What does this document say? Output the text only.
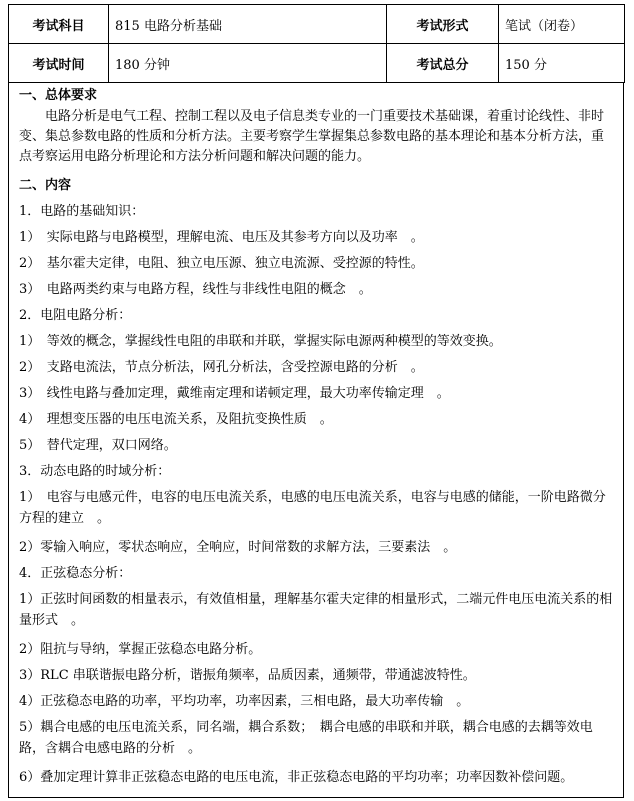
考试科目	815 电路分析基础	考试形式	笔试（闭卷）
考试时间	180 分钟	考试总分	150 分
一、总体要求
电路分析是电气工程、控制工程以及电子信息类专业的一门重要技术基础课，着重讨论线性、非时变、集总参数电路的性质和分析方法。主要考察学生掌握集总参数电路的基本理论和基本分析方法，重点考察运用电路分析理论和方法分析问题和解决问题的能力。
二、内容
1．电路的基础知识：
1）　实际电路与电路模型，理解电流、电压及其参考方向以及功率　。
2）　基尔霍夫定律，电阻、独立电压源、独立电流源、受控源的特性。
3）　电路两类约束与电路方程，线性与非线性电阻的概念　。
2．电阻电路分析：
1）　等效的概念，掌握线性电阻的串联和并联，掌握实际电源两种模型的等效变换。
2）　支路电流法，节点分析法，网孔分析法，含受控源电路的分析　。
3）　线性电路与叠加定理，戴维南定理和诺顿定理，最大功率传输定理　。
4）　理想变压器的电压电流关系，及阻抗变换性质　。
5）　替代定理，双口网络。
3．动态电路的时域分析：
1）　电容与电感元件，电容的电压电流关系，电感的电压电流关系，电容与电感的储能，一阶电路微分方程的建立　。
2）零输入响应，零状态响应，全响应，时间常数的求解方法，三要素法　。
4．正弦稳态分析：
1）正弦时间函数的相量表示，有效值相量，理解基尔霍夫定律的相量形式，二端元件电压电流关系的相量形式　。
2）阻抗与导纳，掌握正弦稳态电路分析。
3）RLC 串联谐振电路分析，谐振角频率，品质因素，通频带，带通滤波特性。
4）正弦稳态电路的功率，平均功率，功率因素，三相电路，最大功率传输　。
5）耦合电感的电压电流关系，同名端，耦合系数；　耦合电感的串联和并联，耦合电感的去耦等效电路，含耦合电感电路的分析　。
6）叠加定理计算非正弦稳态电路的电压电流，非正弦稳态电路的平均功率；功率因数补偿问题。
